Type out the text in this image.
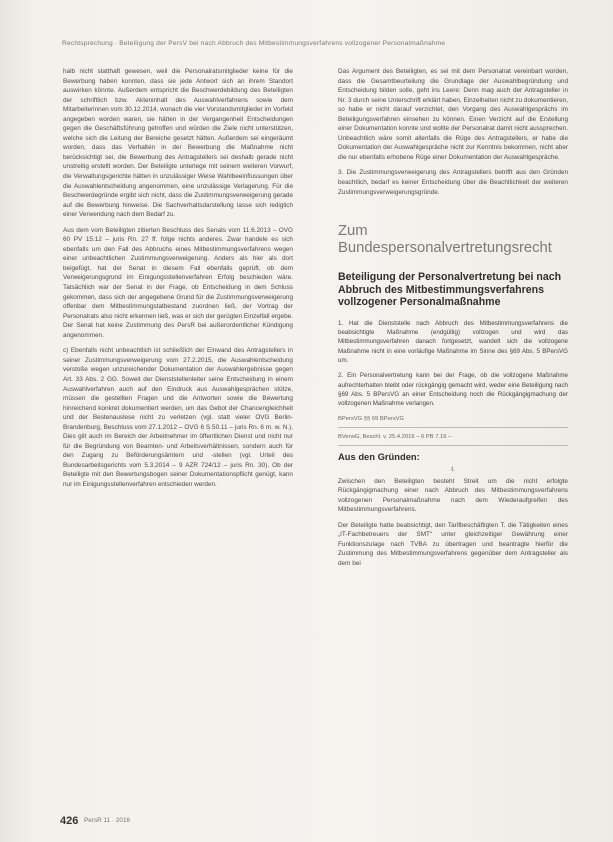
Rechtsprechung · Beteiligung der PersV bei nach Abbruch des Mitbestimmungsverfahrens vollzogener Personalmaßnahme

halb nicht statthaft gewesen, weil die Personalratsmitglieder keine für die Bewerbung haben konnten, dass sie jede Antwort sich an ihrem Standort auswirken könnte. Außerdem entspricht die Beschwerdebildung des Beteiligten der schriftlich bzw. Akteninhalt des Auswahlverfahrens sowie dem Mitarbeiterinnen vom 30.12.2014, wonach die vier Vorstandsmitglieder im Vorfeld angegeben worden waren, sie hätten in der Vergangenheit Entscheidungen gegen die Geschäftsführung getroffen und würden die Ziele nicht unterstützen, welche sich die Leitung der Bereiche gesetzt hätten. Außerdem sei eingeräumt worden, dass das Verhalten in der Bewerbung die Maßnahme nicht berücksichtigt sei, die Bewerbung des Antragstellers sei deshalb gerade nicht unstreitig erstellt worden. Der Beteiligte unterlege mit seinem weiteren Vorwurf, die Verwaltungsgerichte hätten in unzulässiger Weise Wahlbeeinflussungen über die Auswahlentscheidung angenommen, eine unzulässige Verlagerung. Für die Beschwerdegründe ergibt sich nicht, dass die Zustimmungsverweigerung gerade auf die Bewerbung hinweise. Die Sachverhaltsdarstellung lasse sich lediglich einer Verwendung nach dem Bedarf zu.

Aus dem vom Beteiligten zitierten Beschluss des Senats vom 11.6.2013 – OVG 60 PV 15.12 – juris Rn. 27 ff. folge nichts anderes. Zwar handele es sich ebenfalls um den Fall des Abbruchs eines Mitbestimmungsverfahrens wegen einer unbeachtlichen Zustimmungsverweigerung. Anders als hier als dort beigefügt, hat der Senat in diesem Fall ebenfalls geprüft, ob dem Verweigerungsgrund im Einigungsstellenverfahren Erfolg beschieden wäre. Tatsächlich war der Senat in der Frage, ob Entscheidung in dem Schluss gekommen, dass sich der angegebene Grund für die Zustimmungsverweigerung offenbar dem Mitbestimmungstatbestand zuordnen ließ, der Vortrag der Personalrats also nicht erkennen ließ, was er sich der gerügten Einzelfall ergebe. Der Senat hat keine Zustimmung des PersR bei außerordentlicher Kündigung angenommen.

c) Ebenfalls nicht unbeachtlich ist schließlich der Einwand des Antragstellers in seiner Zustimmungsverweigerung vom 27.2.2015, die Auswahlentscheidung verstoße wegen unzureichender Dokumentation der Auswahlergebnisse gegen Art. 33 Abs. 2 GG. Soweit der Dienststellenleiter seine Entscheidung in einem Auswahlverfahren auch auf den Eindruck aus Auswahlgesprächen stütze, müssen die gestellten Fragen und die Antworten sowie die Bewertung hinreichend konkret dokumentiert werden, um das Gebot der Chancengleichheit und der Bestenauslese nicht zu verletzen (vgl. statt vieler OVG Berlin-Brandenburg, Beschluss vom 27.1.2012 – OVG 6 S 50.11 – juris Rn. 6 m. w. N.). Dies gilt auch im Bereich der Arbeitnehmer im öffentlichen Dienst und nicht nur für die Begründung von Beamten- und Arbeitsverhältnissen, sondern auch für den Zugang zu Beförderungsämtern und -stellen (vgl. Urteil des Bundesarbeitsgerichts vom 5.3.2014 – 9 AZR 724/12 – juris Rn. 30). Ob der Beteiligte mit den Bewertungsbogen seiner Dokumentationspflicht genügt, kann nur im Einigungsstellenverfahren entschieden werden.

Das Argument des Beteiligten, es sei mit dem Personalrat vereinbart worden, dass die Gesamtbeurteilung die Grundlage der Auswahlbegründung und Entscheidung bilden solle, geht ins Leere: Denn mag auch der Antragsteller in Nr. 3 durch seine Unterschrift erklärt haben, Einzelheiten nicht zu dokumentieren, so habe er nicht darauf verzichtet, den Vorgang des Auswahlgesprächs im Beteiligungsverfahren einsehen zu können. Einen Verzicht auf die Erstellung einer Dokumentation konnte und wollte der Personalrat damit nicht aussprechen. Unbeachtlich wäre somit allenfalls die Rüge des Antragstellers, er habe die Dokumentation der Auswahlgespräche nicht zur Kenntnis bekommen, nicht aber die nur ebenfalls erhobene Rüge einer Dokumentation der Auswahlgespräche.

3. Die Zustimmungsverweigerung des Antragstellers betrifft aus den Gründen beachtlich, bedarf es keiner Entscheidung über die Beachtlichkeit der weiteren Zustimmungsverweigerungsgründe.

Zum Bundespersonalvertretungsrecht
Beteiligung der Personalvertretung bei nach Abbruch des Mitbestimmungsverfahrens vollzogener Personalmaßnahme

1. Hat die Dienststelle nach Abbruch des Mitbestimmungsverfahrens die beabsichtigte Maßnahme (endgültig) vollzogen und wird das Mitbestimmungsverfahren danach fortgesetzt, wandelt sich die vollzogene Maßnahme nicht in eine vorläufige Maßnahme im Sinne des §69 Abs. 5 BPersVG um.

2. Ein Personalvertretung kann bei der Frage, ob die vollzogene Maßnahme aufrechterhalten bleibt oder rückgängig gemacht wird, weder eine Beteiligung nach §69 Abs. 5 BPersVG an einer Entscheidung noch die Rückgängigmachung der vollzogenen Maßnahme verlangen.

BPersVG §§ 69 BPersVG

BVerwG, Beschl. v. 25.4.2016 – 6 PB 7.16 –

Aus den Gründen:
I.

Zwischen den Beteiligten besteht Streit um die nicht erfolgte Rückgängigmachung einer nach Abbruch des Mitbestimmungsverfahrens vollzogenen Personalmaßnahme nach dem Wiederaufgreifen des Mitbestimmungsverfahrens.

Der Beteiligte hatte beabsichtigt, den Tarifbeschäftigten T. die Tätigkeiten eines „IT-Fachbetreuers der SMT“ unter gleichzeitiger Gewährung einer Funktionszulage nach TVBA zu übertragen und beantragte hierfür die Zustimmung des Mitbestimmungsverfahrens gegenüber dem Antragsteller als dem bei

426 PersR 11 · 2016
